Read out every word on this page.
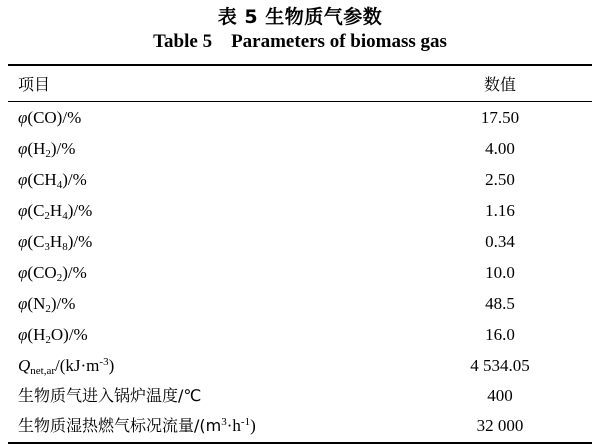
表 5 生物质气参数
Table 5    Parameters of biomass gas
项目	数值
φ(CO)/%	17.50
$\varphi(H_2)/\%$	4.00
$\varphi(CH_4)/\%$	2.50
$\varphi(C_2H_4)/\%$	1.16
$\varphi(C_3H_8)/\%$	0.34
$\varphi(CO_2)/\%$	10.0
$\varphi(N_2)/\%$	48.5
$\varphi(H_2O)/\%$	16.0
$Q_{net,ar}/(kJ\cdot m^{-3})$	4 534.05
生物质气进入锅炉温度/℃	400
生物质湿热燃气标况流量$/(m^3\cdot h^{-1})$	32 000
